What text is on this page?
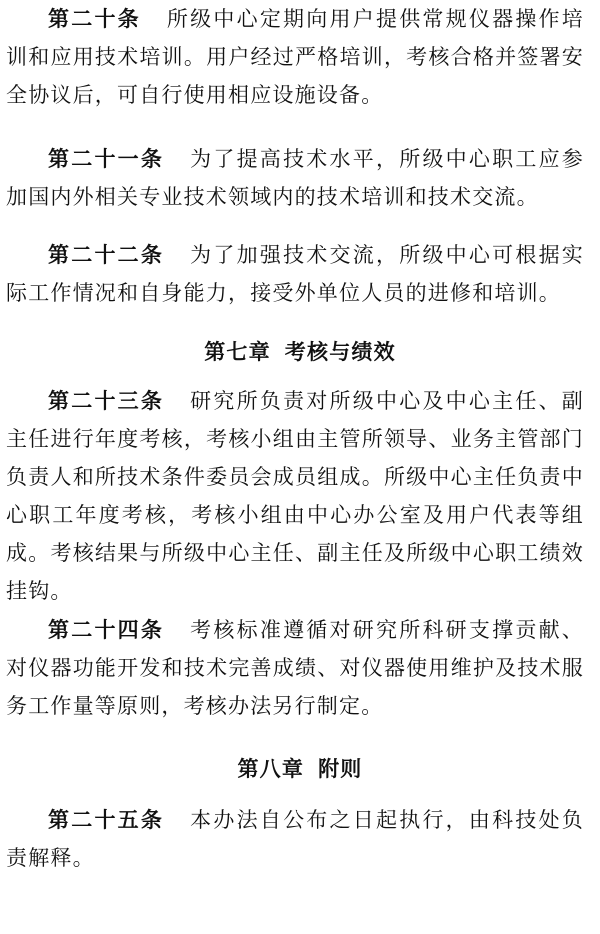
第二十条 所级中心定期向用户提供常规仪器操作培训和应用技术培训。用户经过严格培训，考核合格并签署安全协议后，可自行使用相应设施设备。

第二十一条 为了提高技术水平，所级中心职工应参加国内外相关专业技术领域内的技术培训和技术交流。

第二十二条 为了加强技术交流，所级中心可根据实际工作情况和自身能力，接受外单位人员的进修和培训。

第七章 考核与绩效

第二十三条 研究所负责对所级中心及中心主任、副主任进行年度考核，考核小组由主管所领导、业务主管部门负责人和所技术条件委员会成员组成。所级中心主任负责中心职工年度考核，考核小组由中心办公室及用户代表等组成。考核结果与所级中心主任、副主任及所级中心职工绩效挂钩。

第二十四条 考核标准遵循对研究所科研支撑贡献、对仪器功能开发和技术完善成绩、对仪器使用维护及技术服务工作量等原则，考核办法另行制定。

第八章 附则

第二十五条 本办法自公布之日起执行，由科技处负责解释。
